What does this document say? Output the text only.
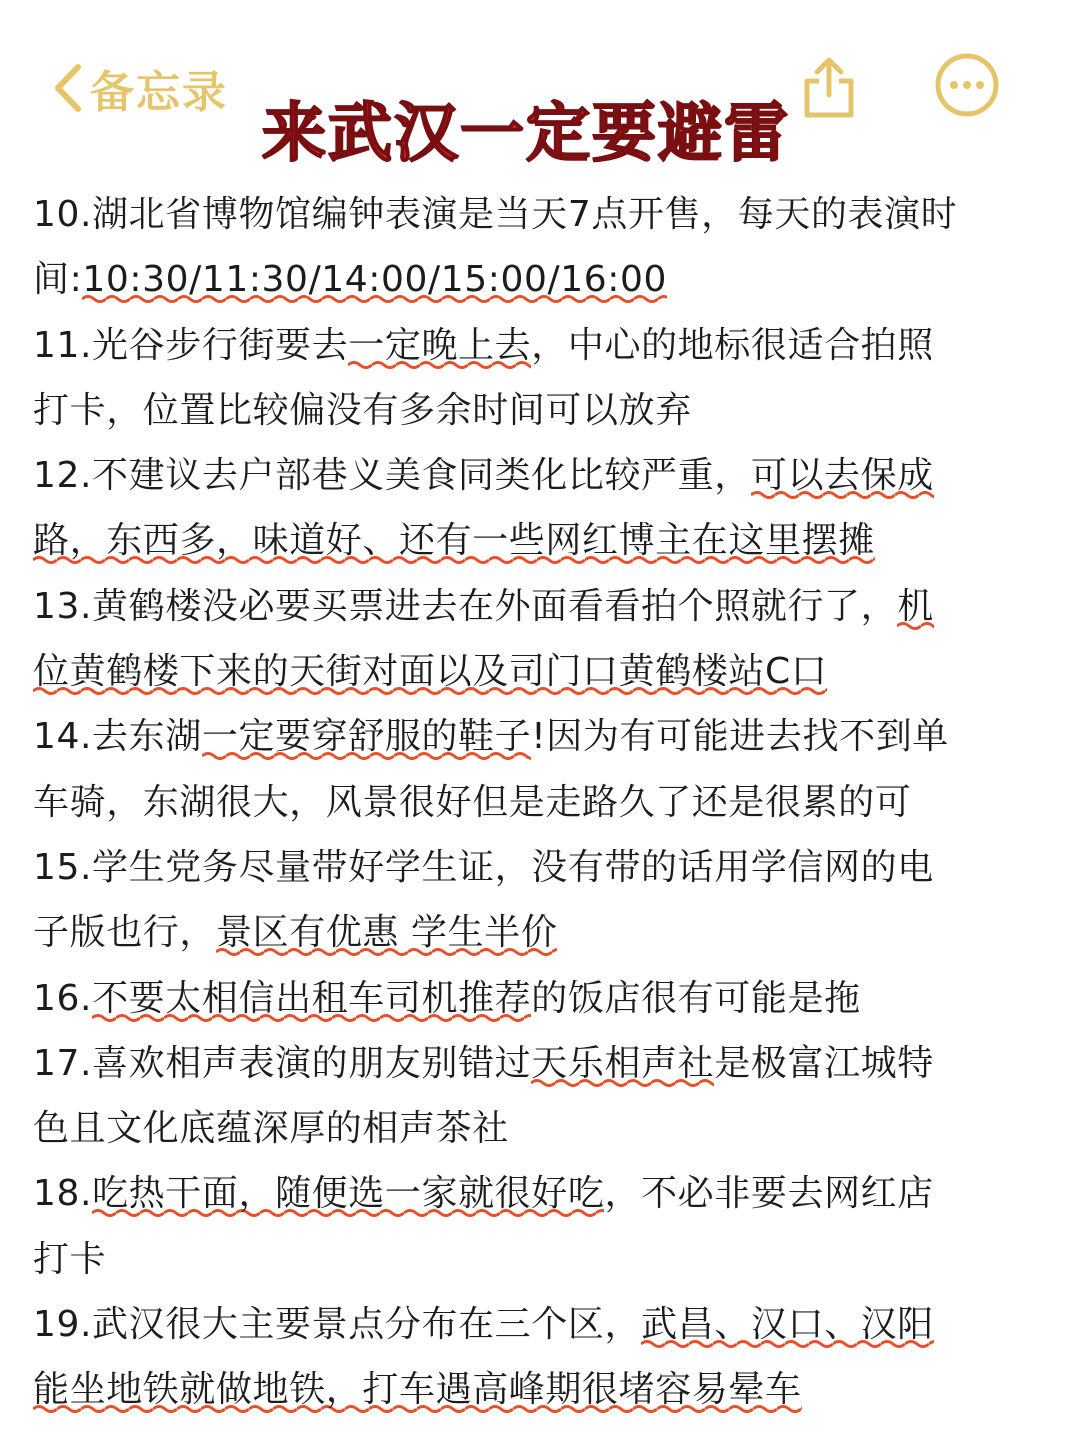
备忘录
来武汉一定要避雷
10.湖北省博物馆编钟表演是当天7点开售，每天的表演时
间:10:30/11:30/14:00/15:00/16:00
11.光谷步行街要去一定晚上去，中心的地标很适合拍照
打卡，位置比较偏没有多余时间可以放弃
12.不建议去户部巷义美食同类化比较严重，可以去保成
路，东西多，味道好、还有一些网红博主在这里摆摊
13.黄鹤楼没必要买票进去在外面看看拍个照就行了，机
位黄鹤楼下来的天街对面以及司门口黄鹤楼站C口
14.去东湖一定要穿舒服的鞋子!因为有可能进去找不到单
车骑，东湖很大，风景很好但是走路久了还是很累的可
15.学生党务尽量带好学生证，没有带的话用学信网的电
子版也行，景区有优惠 学生半价
16.不要太相信出租车司机推荐的饭店很有可能是拖
17.喜欢相声表演的朋友别错过天乐相声社是极富江城特
色且文化底蕴深厚的相声茶社
18.吃热干面，随便选一家就很好吃，不必非要去网红店
打卡
19.武汉很大主要景点分布在三个区，武昌、汉口、汉阳
能坐地铁就做地铁，打车遇高峰期很堵容易晕车
